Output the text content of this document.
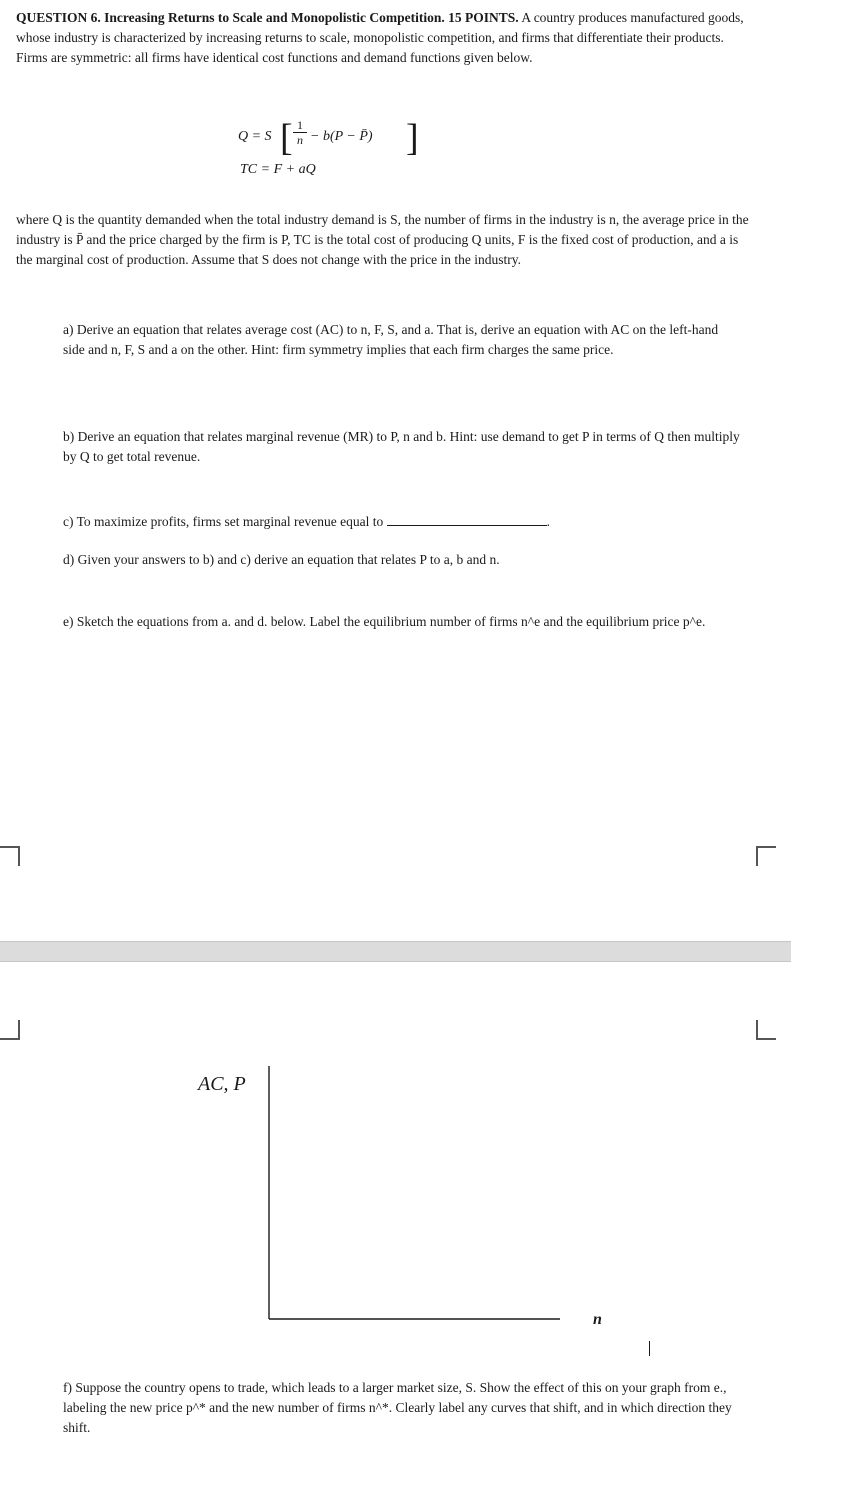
QUESTION 6. Increasing Returns to Scale and Monopolistic Competition. 15 POINTS. A country produces manufactured goods, whose industry is characterized by increasing returns to scale, monopolistic competition, and firms that differentiate their products. Firms are symmetric: all firms have identical cost functions and demand functions given below.
Q = S [ 1
n − b(P − P̄) ]
TC = F + aQ
where Q is the quantity demanded when the total industry demand is S, the number of firms in the industry is n, the average price in the industry is P̄ and the price charged by the firm is P, TC is the total cost of producing Q units, F is the fixed cost of production, and a is the marginal cost of production. Assume that S does not change with the price in the industry.
a) Derive an equation that relates average cost (AC) to n, F, S, and a. That is, derive an equation with AC on the left-hand side and n, F, S and a on the other. Hint: firm symmetry implies that each firm charges the same price.
b) Derive an equation that relates marginal revenue (MR) to P, n and b. Hint: use demand to get P in terms of Q then multiply by Q to get total revenue.
c) To maximize profits, firms set marginal revenue equal to	.
d) Given your answers to b) and c) derive an equation that relates P to a, b and n.
e) Sketch the equations from a. and d. below. Label the equilibrium number of firms n^e and the equilibrium price p^e.
AC, P
n
f) Suppose the country opens to trade, which leads to a larger market size, S. Show the effect of this on your graph from e., labeling the new price p^* and the new number of firms n^*. Clearly label any curves that shift, and in which direction they shift.
